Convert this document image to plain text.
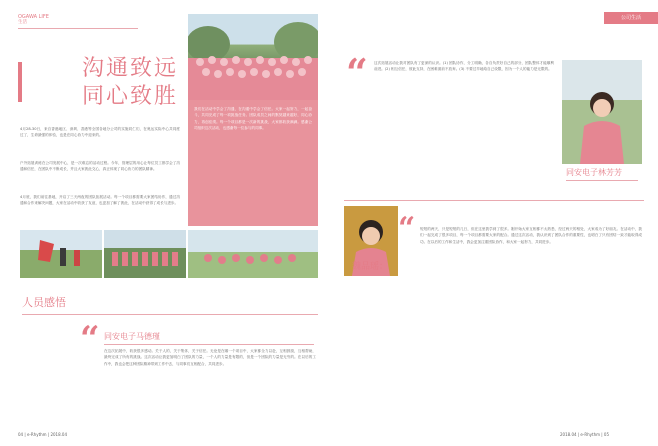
OGAWA LIFE
生活
沟通致远
同心致胜
4月28-30日，来自香港地区、深圳、香港等全国各地分公司的实施同仁们，在奥运实际中心共同度过了，生命最强的体验，也是在同心协力中迎来的。
户外拓展训练在公司发展中心，是一次难忘的活动过程。今年，管理层的用心让每位员工都学会了沟通和信任，在团队中不断成长，并且大家彼此交心，真正体现了同心协力的团队精神。
4月底，我们前往基地，开启了三天两夜的团队拓展活动。每一个项目都需要大家团结协作，通过沟通和合作来解决问题，大家在活动中收获了友谊，也更加了解了彼此，在活动中获得了成长与进步。
我们在活动中学会了沟通，在沟通中学会了信任。大家一起努力，一起奋斗，共同完成了每一项挑战任务。团队成员之间的默契越来越好，同心协力，再创佳绩。每一个项目都是一次新的挑战，大家都收获满满。感谢公司组织这次活动，也感谢每一位参与的同事。
人员感悟
“ 同安电子马德瑾
在这次拓展中，收获很多感动。关于人的，关于集体，关于信任。无论是在哪一个项目中，大家都全力以赴，互相鼓励，互相帮助，最终完成了所有的挑战。这次活动让我更加明白了团队的力量，一个人的力量是有限的，但是一个团队的力量是无穷的。在以后的工作中，我也会把这种团队精神带到工作中去，与同事们互相配合，共同进步。
04 | e-Rhythm | 2018.04
公司生活
“ 这次拓展活动让我对团队有了更深的认识。(1) 团队协作，分工明确，各自负责好自己的部分，团队整体才能顺利前进。(2) 相互信任，彼此支持，在困难面前不放弃。(3) 不要过早地给自己设限，因为一个人的能力是无限的。
同安电子林芳芳
魏品瑶：
“ 短短的两天，只是短短的几日，但在这里我学到了很多。刚开始大家互相都不太熟悉，经过两天的相处，大家成为了好朋友。在活动中，我们一起完成了很多项目，每一个项目都需要大家的配合。通过这次活动，我认识到了团队合作的重要性，也明白了只有团结一致才能取得成功。在以后的工作和生活中，我会更加注重团队协作，和大家一起努力，共同进步。
2018.04 | e-Rhythm | 05
